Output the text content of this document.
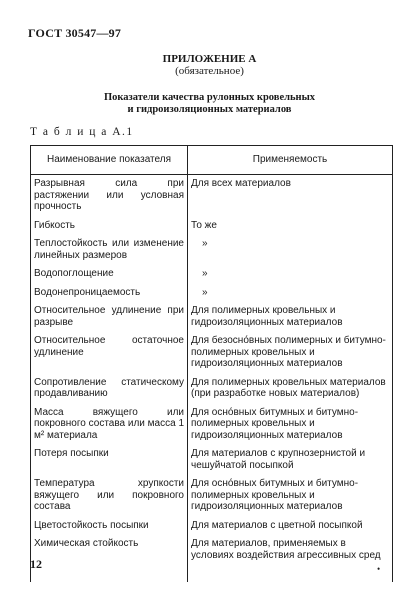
ГОСТ 30547—97
ПРИЛОЖЕНИЕ А
(обязательное)
Показатели качества рулонных кровельных
и гидроизоляционных материалов
Т а б л и ц а А.1
Наименование показателя	Применяемость
Разрывная сила при растяжении или условная прочность	Для всех материалов
Гибкость	То же
Теплостойкость или изменение линейных размеров	»
Водопоглощение	»
Водонепроницаемость	»
Относительное удлинение при разрыве	Для полимерных кровельных и гидроизоляционных материалов
Относительное остаточное удлинение	Для безосно́вных полимерных и битумно-полимерных кровельных и гидроизоляционных материалов
Сопротивление статическому продавливанию	Для полимерных кровельных материалов (при разработке новых материалов)
Масса вяжущего или покровного состава или масса 1 м² материала	Для осно́вных битумных и битумно-полимерных кровельных и гидроизоляционных материалов
Потеря посыпки	Для материалов с крупнозернистой и чешуйчатой посыпкой
Температура хрупкости вяжущего или покровного состава	Для осно́вных битумных и битумно-полимерных кровельных и гидроизоляционных материалов
Цветостойкость посыпки	Для материалов с цветной посыпкой
Химическая стойкость	Для материалов, применяемых в условиях воздействия агрессивных сред
12	•
